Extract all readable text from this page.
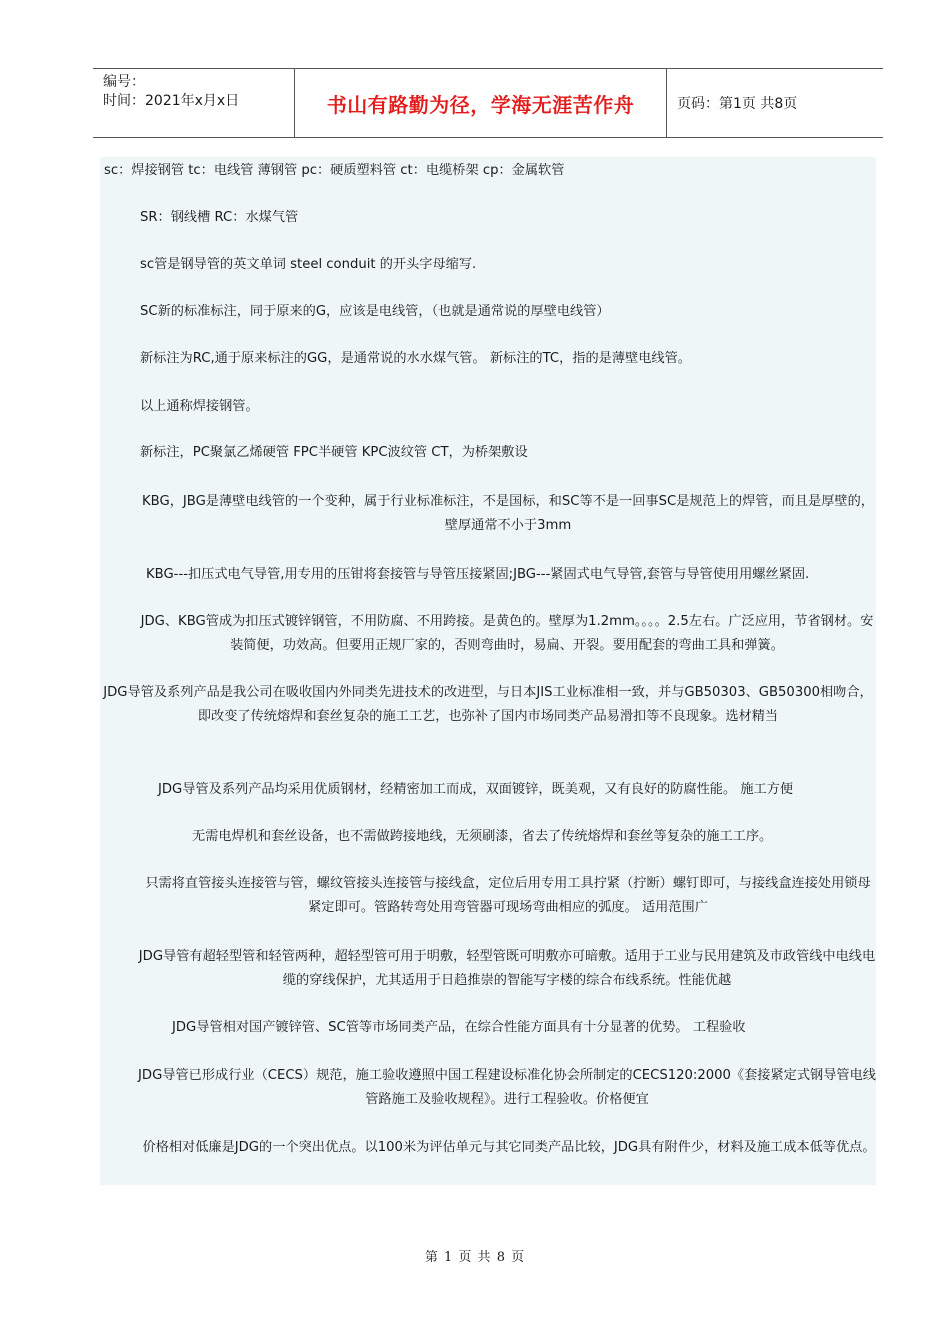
编号：
时间：2021年x月x日	书山有路勤为径，学海无涯苦作舟	页码：第1页 共8页

sc：焊接钢管 tc：电线管 薄钢管 pc：硬质塑料管 ct：电缆桥架 cp：金属软管

SR：钢线槽 RC：水煤气管

sc管是钢导管的英文单词 steel conduit 的开头字母缩写.

SC新的标准标注，同于原来的G，应该是电线管，（也就是通常说的厚壁电线管）

新标注为RC,通于原来标注的GG，是通常说的水水煤气管。 新标注的TC，指的是薄壁电线管。

以上通称焊接钢管。

新标注，PC聚氯乙烯硬管 FPC半硬管 KPC波纹管 CT，为桥架敷设

KBG，JBG是薄壁电线管的一个变种，属于行业标准标注，不是国标，和SC等不是一回事SC是规范上的焊管，而且是厚壁的，壁厚通常不小于3mm

KBG---扣压式电气导管,用专用的压钳将套接管与导管压接紧固;JBG---紧固式电气导管,套管与导管使用用螺丝紧固.

JDG、KBG管成为扣压式镀锌钢管，不用防腐、不用跨接。是黄色的。壁厚为1.2mm。。。。2.5左右。广泛应用，节省钢材。安装简便，功效高。但要用正规厂家的，否则弯曲时，易扁、开裂。要用配套的弯曲工具和弹簧。

JDG导管及系列产品是我公司在吸收国内外同类先进技术的改进型，与日本JIS工业标准相一致，并与GB50303、GB50300相吻合，即改变了传统熔焊和套丝复杂的施工工艺，也弥补了国内市场同类产品易滑扣等不良现象。选材精当

JDG导管及系列产品均采用优质钢材，经精密加工而成，双面镀锌，既美观，又有良好的防腐性能。 施工方便

无需电焊机和套丝设备，也不需做跨接地线，无须刷漆，省去了传统熔焊和套丝等复杂的施工工序。

只需将直管接头连接管与管，螺纹管接头连接管与接线盒，定位后用专用工具拧紧（拧断）螺钉即可，与接线盒连接处用锁母紧定即可。管路转弯处用弯管器可现场弯曲相应的弧度。 适用范围广

JDG导管有超轻型管和轻管两种，超轻型管可用于明敷，轻型管既可明敷亦可暗敷。适用于工业与民用建筑及市政管线中电线电缆的穿线保护，尤其适用于日趋推崇的智能写字楼的综合布线系统。性能优越

JDG导管相对国产镀锌管、SC管等市场同类产品，在综合性能方面具有十分显著的优势。 工程验收

JDG导管已形成行业（CECS）规范，施工验收遵照中国工程建设标准化协会所制定的CECS120:2000《套接紧定式钢导管电线管路施工及验收规程》。进行工程验收。价格便宜

价格相对低廉是JDG的一个突出优点。以100米为评估单元与其它同类产品比较，JDG具有附件少，材料及施工成本低等优点。

第 1 页 共 8 页
